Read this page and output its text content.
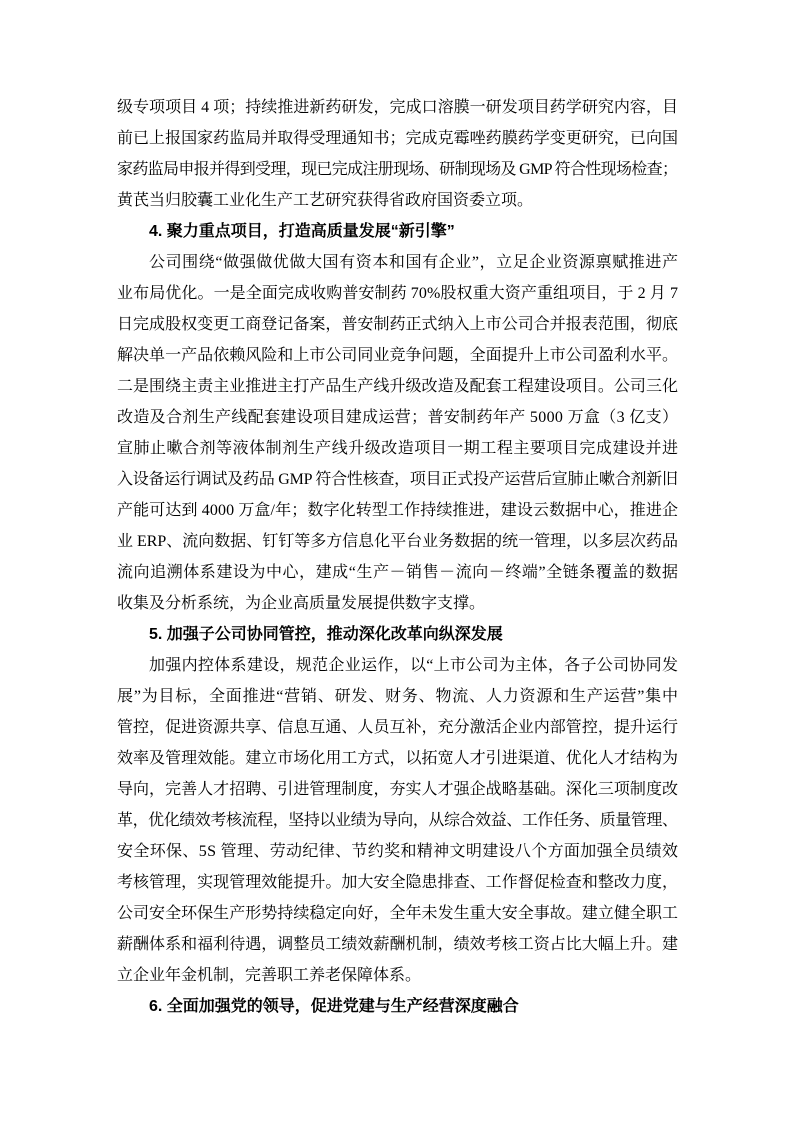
级专项项目 4 项；持续推进新药研发，完成口溶膜一研发项目药学研究内容，目
前已上报国家药监局并取得受理通知书；完成克霉唑药膜药学变更研究，已向国
家药监局申报并得到受理，现已完成注册现场、研制现场及 GMP 符合性现场检查；
黄芪当归胶囊工业化生产工艺研究获得省政府国资委立项。
4. 聚力重点项目，打造高质量发展“新引擎”
公司围绕“做强做优做大国有资本和国有企业”，立足企业资源禀赋推进产
业布局优化。一是全面完成收购普安制药 70%股权重大资产重组项目，于 2 月 7
日完成股权变更工商登记备案，普安制药正式纳入上市公司合并报表范围，彻底
解决单一产品依赖风险和上市公司同业竞争问题，全面提升上市公司盈利水平。
二是围绕主责主业推进主打产品生产线升级改造及配套工程建设项目。公司三化
改造及合剂生产线配套建设项目建成运营；普安制药年产 5000 万盒（3 亿支）
宣肺止嗽合剂等液体制剂生产线升级改造项目一期工程主要项目完成建设并进
入设备运行调试及药品 GMP 符合性核查，项目正式投产运营后宣肺止嗽合剂新旧
产能可达到 4000 万盒/年；数字化转型工作持续推进，建设云数据中心，推进企
业 ERP、流向数据、钉钉等多方信息化平台业务数据的统一管理，以多层次药品
流向追溯体系建设为中心，建成“生产－销售－流向－终端”全链条覆盖的数据
收集及分析系统，为企业高质量发展提供数字支撑。
5. 加强子公司协同管控，推动深化改革向纵深发展
加强内控体系建设，规范企业运作，以“上市公司为主体，各子公司协同发
展”为目标，全面推进“营销、研发、财务、物流、人力资源和生产运营”集中
管控，促进资源共享、信息互通、人员互补，充分激活企业内部管控，提升运行
效率及管理效能。建立市场化用工方式，以拓宽人才引进渠道、优化人才结构为
导向，完善人才招聘、引进管理制度，夯实人才强企战略基础。深化三项制度改
革，优化绩效考核流程，坚持以业绩为导向，从综合效益、工作任务、质量管理、
安全环保、5S 管理、劳动纪律、节约奖和精神文明建设八个方面加强全员绩效
考核管理，实现管理效能提升。加大安全隐患排查、工作督促检查和整改力度，
公司安全环保生产形势持续稳定向好，全年未发生重大安全事故。建立健全职工
薪酬体系和福利待遇，调整员工绩效薪酬机制，绩效考核工资占比大幅上升。建
立企业年金机制，完善职工养老保障体系。
6. 全面加强党的领导，促进党建与生产经营深度融合
